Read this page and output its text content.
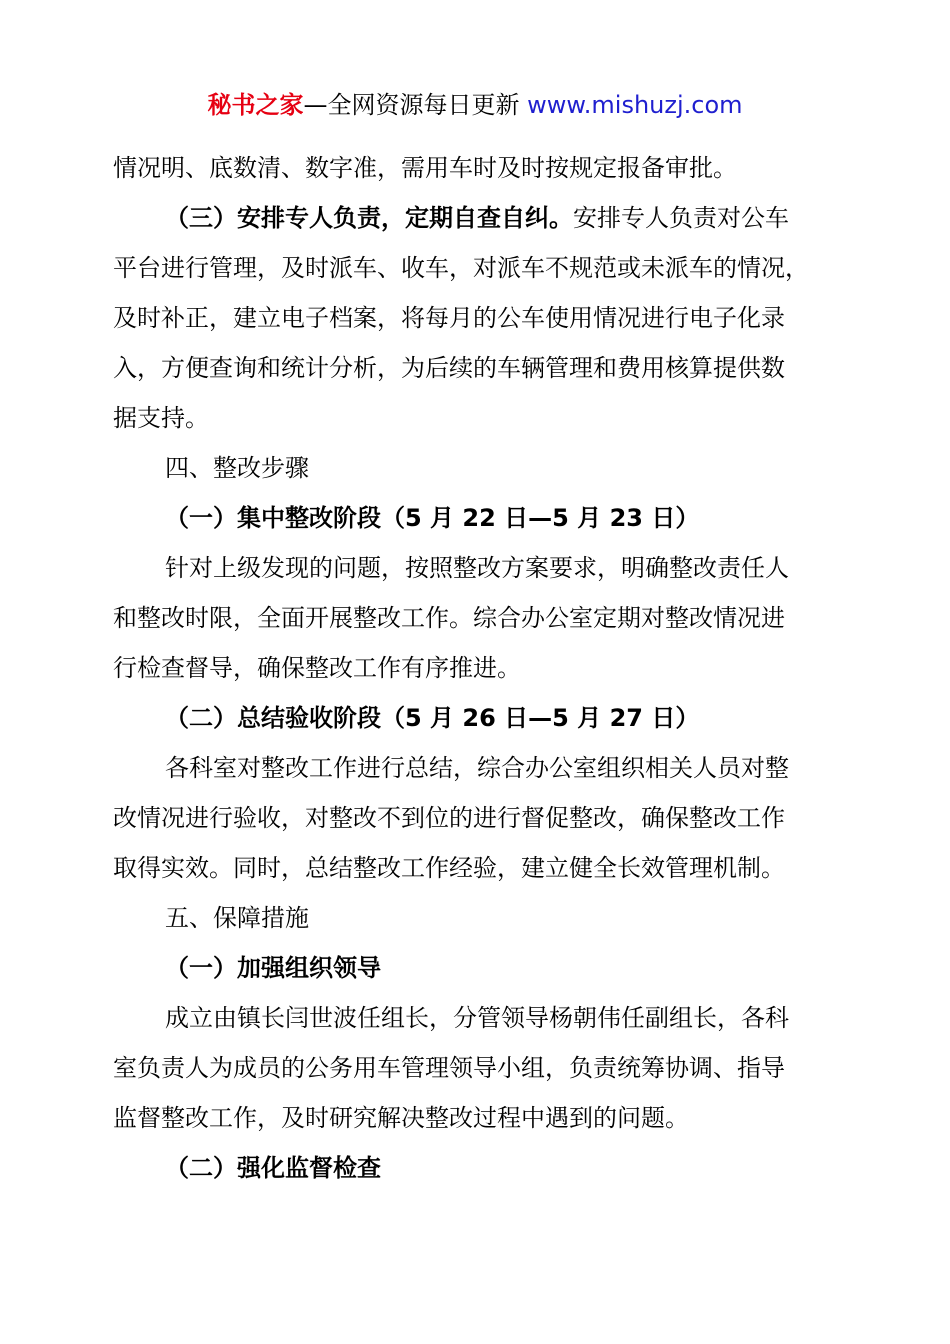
秘书之家—全网资源每日更新 www.mishuzj.com

情况明、底数清、数字准，需用车时及时按规定报备审批。

（三）安排专人负责，定期自查自纠。安排专人负责对公车

平台进行管理，及时派车、收车，对派车不规范或未派车的情况，

及时补正，建立电子档案，将每月的公车使用情况进行电子化录

入，方便查询和统计分析，为后续的车辆管理和费用核算提供数

据支持。

四、整改步骤

（一）集中整改阶段（5 月 22 日—5 月 23 日）

针对上级发现的问题，按照整改方案要求，明确整改责任人

和整改时限，全面开展整改工作。综合办公室定期对整改情况进

行检查督导，确保整改工作有序推进。

（二）总结验收阶段（5 月 26 日—5 月 27 日）

各科室对整改工作进行总结，综合办公室组织相关人员对整

改情况进行验收，对整改不到位的进行督促整改，确保整改工作

取得实效。同时，总结整改工作经验，建立健全长效管理机制。

五、保障措施

（一）加强组织领导

成立由镇长闫世波任组长，分管领导杨朝伟任副组长，各科

室负责人为成员的公务用车管理领导小组，负责统筹协调、指导

监督整改工作，及时研究解决整改过程中遇到的问题。

（二）强化监督检查
